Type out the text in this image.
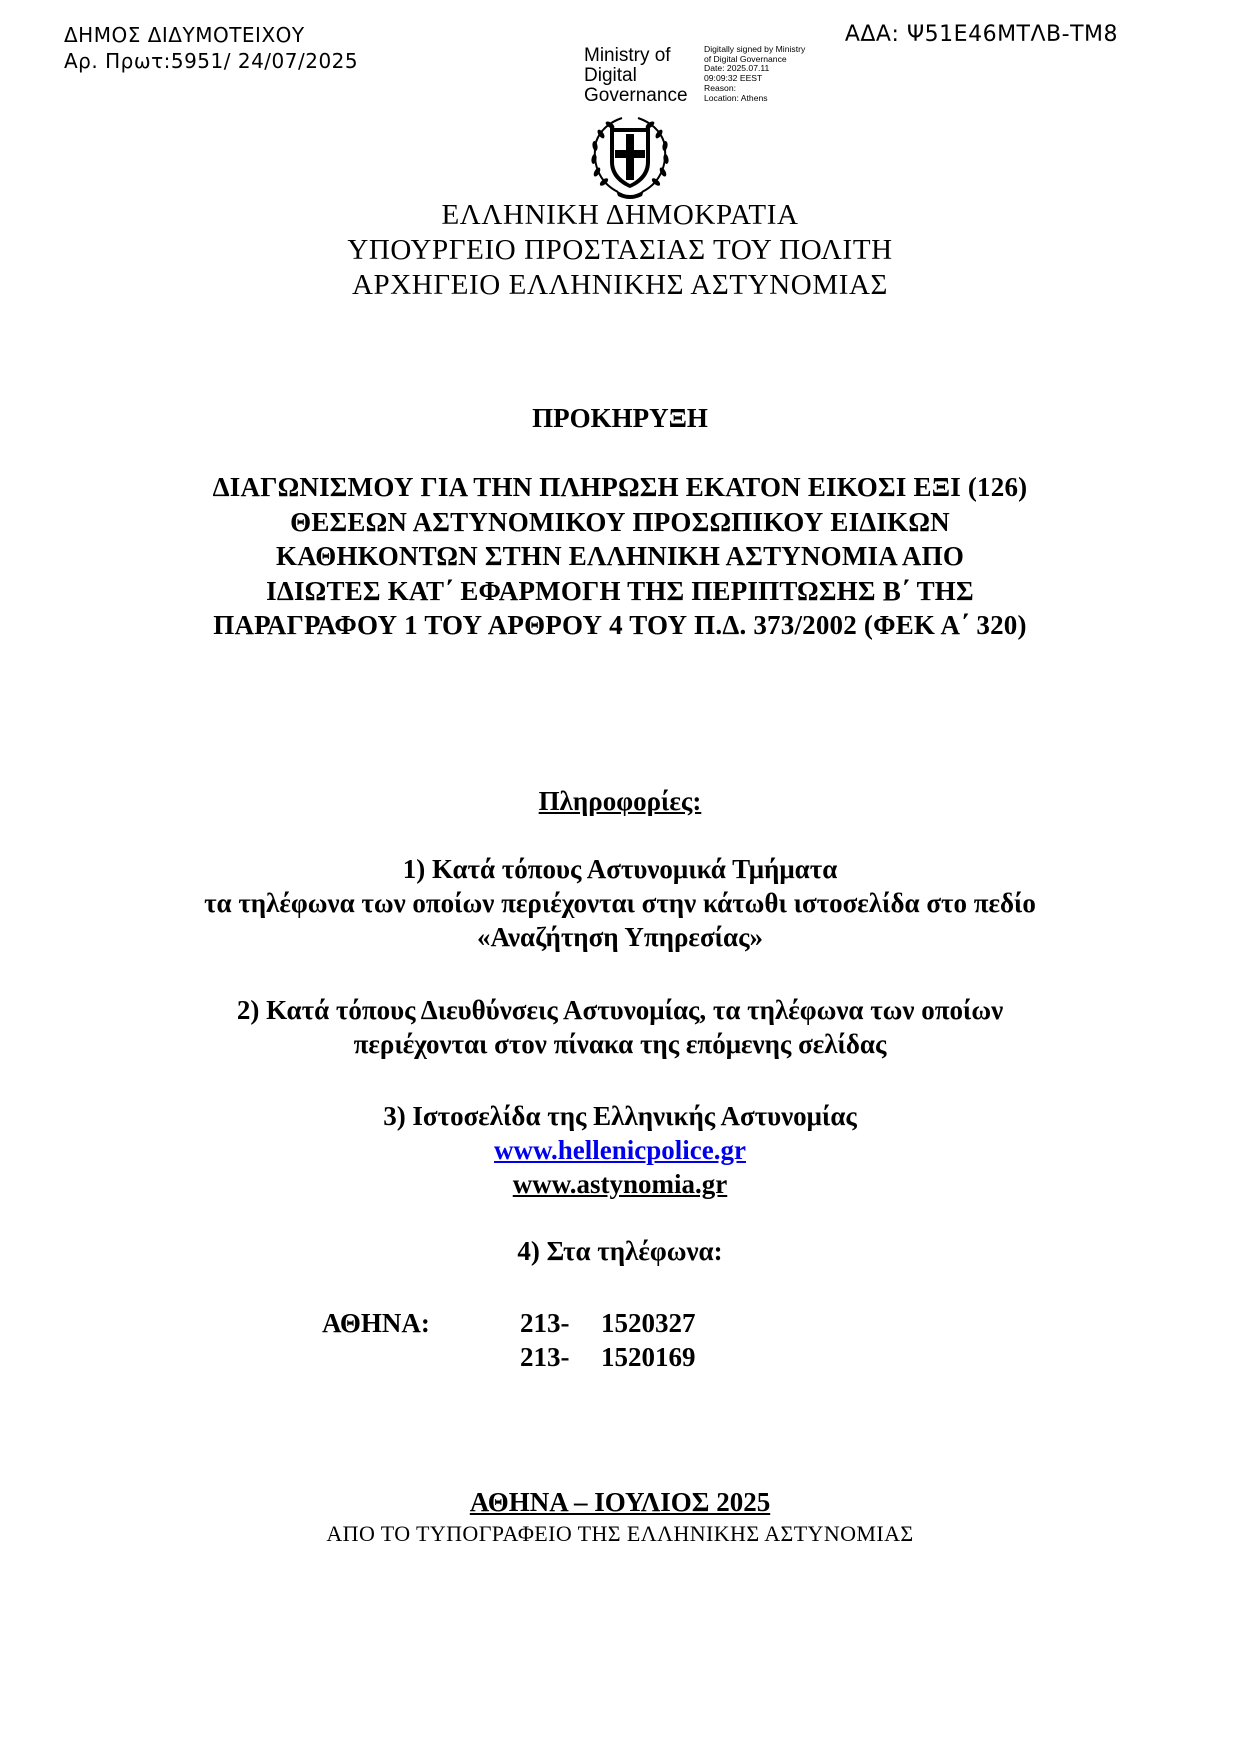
ΔΗΜΟΣ ΔΙΔΥΜΟΤΕΙΧΟΥ
Αρ. Πρωτ:5951/ 24/07/2025
ΑΔΑ: Ψ51Ε46ΜΤΛΒ-ΤΜ8
Ministry of
Digital
Governance
Digitally signed by Ministry
of Digital Governance
Date: 2025.07.11
09:09:32 EEST
Reason:
Location: Athens
ΕΛΛΗΝΙΚΗ ΔΗΜΟΚΡΑΤΙΑ
ΥΠΟΥΡΓΕΙΟ ΠΡΟΣΤΑΣΙΑΣ ΤΟΥ ΠΟΛΙΤΗ
ΑΡΧΗΓΕΙΟ ΕΛΛΗΝΙΚΗΣ ΑΣΤΥΝΟΜΙΑΣ
ΠΡΟΚΗΡΥΞΗ
ΔΙΑΓΩΝΙΣΜΟΥ ΓΙΑ ΤΗΝ ΠΛΗΡΩΣΗ ΕΚΑΤΟΝ ΕΙΚΟΣΙ ΕΞΙ (126)
ΘΕΣΕΩΝ ΑΣΤΥΝΟΜΙΚΟΥ ΠΡΟΣΩΠΙΚΟΥ ΕΙΔΙΚΩΝ
ΚΑΘΗΚΟΝΤΩΝ ΣΤΗΝ ΕΛΛΗΝΙΚΗ ΑΣΤΥΝΟΜΙΑ ΑΠΟ
ΙΔΙΩΤΕΣ ΚΑΤ΄ ΕΦΑΡΜΟΓΗ ΤΗΣ ΠΕΡΙΠΤΩΣΗΣ Β΄ ΤΗΣ
ΠΑΡΑΓΡΑΦΟΥ 1 ΤΟΥ ΑΡΘΡΟΥ 4 ΤΟΥ Π.Δ. 373/2002 (ΦΕΚ Α΄ 320)
Πληροφορίες:
1) Κατά τόπους Αστυνομικά Τμήματα
τα τηλέφωνα των οποίων περιέχονται στην κάτωθι ιστοσελίδα στο πεδίο
«Αναζήτηση Υπηρεσίας»
2) Κατά τόπους Διευθύνσεις Αστυνομίας, τα τηλέφωνα των οποίων
περιέχονται στον πίνακα της επόμενης σελίδας
3) Ιστοσελίδα της Ελληνικής Αστυνομίας
www.hellenicpolice.gr
www.astynomia.gr
4) Στα τηλέφωνα:
ΑΘΗΝΑ:	213- 1520327
213- 1520169
ΑΘΗΝΑ – ΙΟΥΛΙΟΣ 2025
ΑΠΟ ΤΟ ΤΥΠΟΓΡΑΦΕΙΟ ΤΗΣ ΕΛΛΗΝΙΚΗΣ ΑΣΤΥΝΟΜΙΑΣ
